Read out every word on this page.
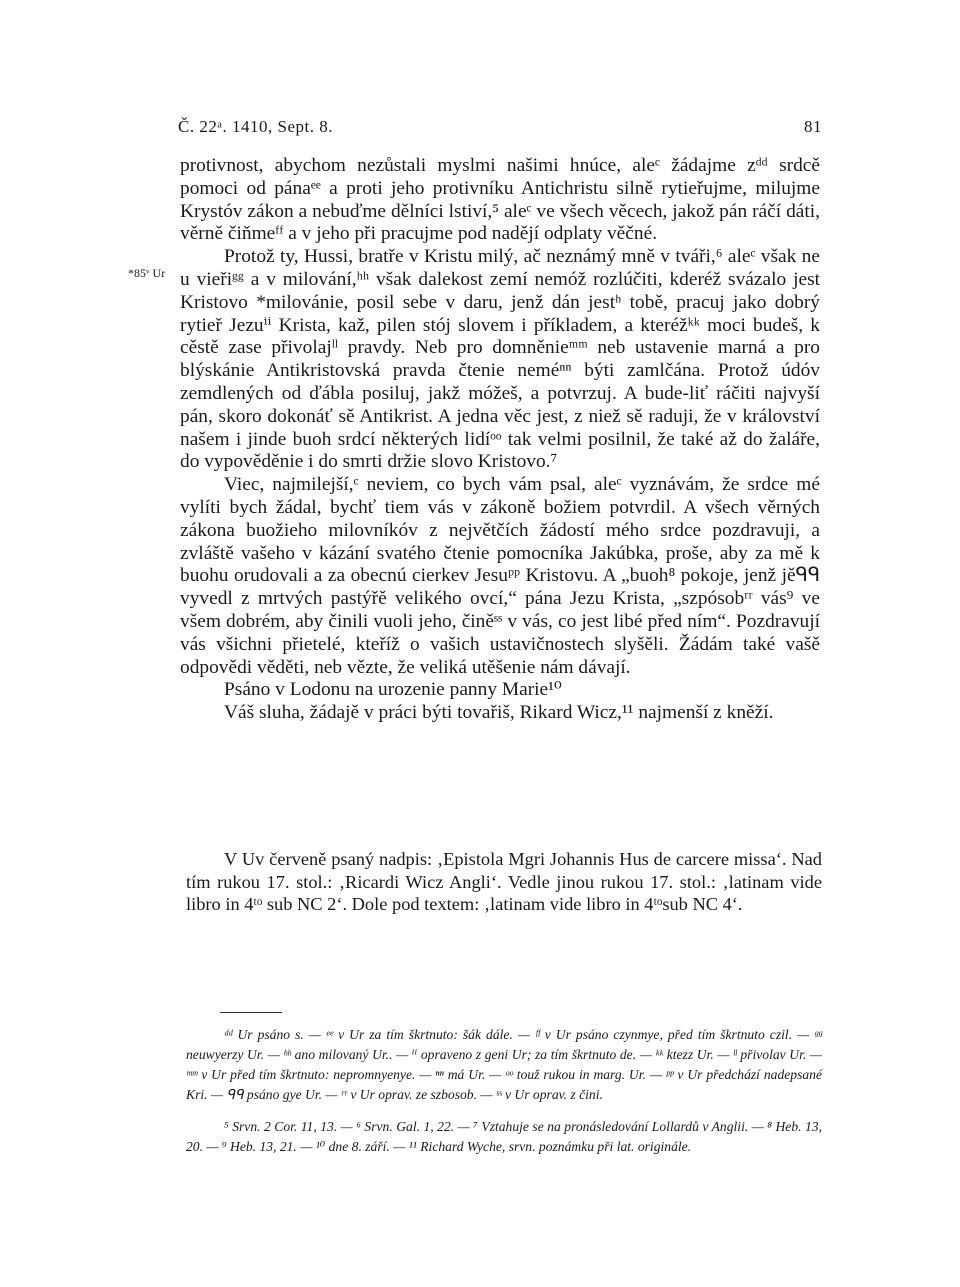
Č. 22ᵃ. 1410, Sept. 8.	81
*85ᵛ Ur

protivnost, abychom nezůstali myslmi našimi hnúce, aleᶜ žádajme zᵈᵈ srdcě pomoci od pánaᵉᵉ a proti jeho protivníku Antichristu silně rytieřujme, milujme Krystóv zákon a nebuďme dělníci lstiví,⁵ aleᶜ ve všech věcech, jakož pán ráčí dáti, věrně čiňmeᶠᶠ a v jeho při pracujme pod nadějí odplaty věčné.

Protož ty, Hussi, bratře v Kristu milý, ač neznámý mně v tváři,⁶ aleᶜ však ne u vieřiᵍᵍ a v milování,ʰʰ však dalekost zemí nemóž rozlúčiti, kderéž svázalo jest Kristovo *milovánie, posil sebe v daru, jenž dán jestʰ tobě, pracuj jako dobrý rytieř Jezuⁱⁱ Krista, kaž, pilen stój slovem i příkladem, a kteréžᵏᵏ moci budeš, k cěstě zase přivolajˡˡ pravdy. Neb pro domněnieᵐᵐ neb ustavenie marná a pro blýskánie Antikristovská pravda čtenie neméⁿⁿ býti zamlčána. Protož údóv zemdlených od ďábla posiluj, jakž móžeš, a potvrzuj. A bude-liť ráčiti najvyší pán, skoro dokonáť sě Antikrist. A jedna věc jest, z niež sě raduji, že v království našem i jinde buoh srdcí některých lidíᵒᵒ tak velmi posilnil, že také až do žaláře, do vypověděnie i do smrti držie slovo Kristovo.⁷

Viec, najmilejší,ᶜ neviem, co bych vám psal, aleᶜ vyznávám, že srdce mé vylíti bych žádal, bychť tiem vás v zákoně božiem potvrdil. A všech věrných zákona buožieho milovníkóv z největčích žádostí mého srdce pozdravuji, a zvláště vašeho v kázání svatého čtenie pomocníka Jakúbka, proše, aby za mě k buohu orudovali a za obecnú cierkev Jesuᵖᵖ Kristovu. A „buoh⁸ pokoje, jenž jěᑫᑫ vyvedl z mrtvých pastýřě velikého ovcí,“ pána Jezu Krista, „szpósobʳʳ vás⁹ ve všem dobrém, aby činili vuoli jeho, činěˢˢ v vás, co jest libé před ním“. Pozdravují vás všichni přietelé, kteříž o vašich ustavičnostech slyšěli. Žádám také vašě odpovědi věděti, neb vězte, že veliká utěšenie nám dávají.

Psáno v Lodonu na urozenie panny Marie¹⁰

Váš sluha, žádajě v práci býti tovařiš, Rikard Wicz,¹¹ najmenší z kněží.

V Uv červeně psaný nadpis: ‚Epistola Mgri Johannis Hus de carcere missa‘. Nad tím rukou 17. stol.: ‚Ricardi Wicz Angli‘. Vedle jinou rukou 17. stol.: ‚latinam vide libro in 4ᵗᵒ sub NC 2‘. Dole pod textem: ‚latinam vide libro in 4ᵗᵒsub NC 4‘.

ᵈᵈ Ur psáno s. — ᵉᵉ v Ur za tím škrtnuto: šák dále. — ᶠᶠ v Ur psáno czynmye, před tím škrtnuto czil. — ᵍᵍ neuwyerzy Ur. — ʰʰ ano milovaný Ur.. — ⁱⁱ opraveno z geni Ur; za tím škrtnuto de. — ᵏᵏ ktezz Ur. — ˡˡ přivolav Ur. — ᵐᵐ v Ur před tím škrtnuto: nepromnyenye. — ⁿⁿ má Ur. — ᵒᵒ touž rukou in marg. Ur. — ᵖᵖ v Ur předchází nadepsané Kri. — ᑫᑫ psáno gye Ur. — ʳʳ v Ur oprav. ze szbosob. — ˢˢ v Ur oprav. z čini.

⁵ Srvn. 2 Cor. 11, 13. — ⁶ Srvn. Gal. 1, 22. — ⁷ Vztahuje se na pronásledování Lollardů v Anglii. — ⁸ Heb. 13, 20. — ⁹ Heb. 13, 21. — ¹⁰ dne 8. září. — ¹¹ Richard Wyche, srvn. poznámku při lat. originále.
